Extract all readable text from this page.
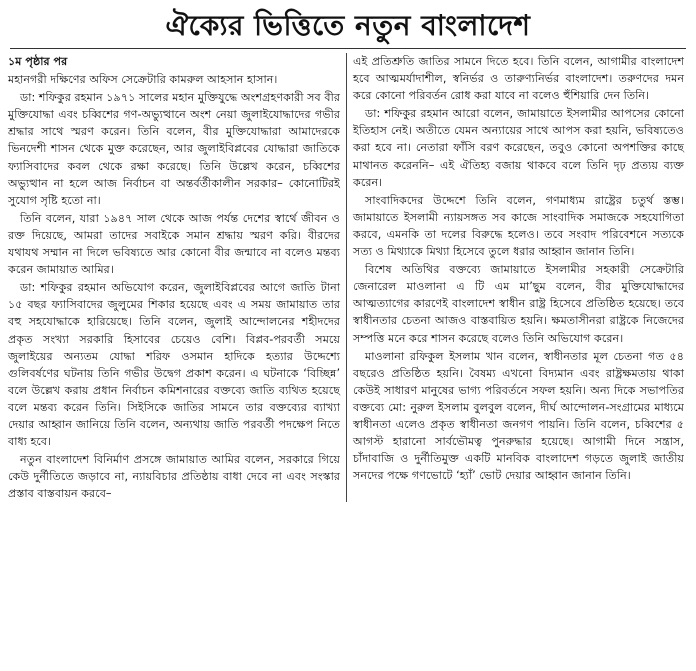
ঐক্যের ভিত্তিতে নতুন বাংলাদেশ

১ম পৃষ্ঠার পর

মহানগরী দক্ষিণের অফিস সেক্রেটারি কামরুল আহসান হাসান।

ডা: শফিকুর রহমান ১৯৭১ সালের মহান মুক্তিযুদ্ধে অংশগ্রহণকারী সব বীর মুক্তিযোদ্ধা এবং চব্বিশের গণ-অভ্যুত্থানে অংশ নেয়া জুলাইযোদ্ধাদের গভীর শ্রদ্ধার সাথে স্মরণ করেন। তিনি বলেন, বীর মুক্তিযোদ্ধারা আমাদেরকে ভিনদেশী শাসন থেকে মুক্ত করেছেন, আর জুলাইবিপ্লবের যোদ্ধারা জাতিকে ফ্যাসিবাদের কবল থেকে রক্ষা করেছে। তিনি উল্লেখ করেন, চব্বিশের অভ্যুত্থান না হলে আজ নির্বাচন বা অন্তর্বর্তীকালীন সরকার– কোনোটিরই সুযোগ সৃষ্টি হতো না।

তিনি বলেন, যারা ১৯৪৭ সাল থেকে আজ পর্যন্ত দেশের স্বার্থে জীবন ও রক্ত দিয়েছে, আমরা তাদের সবাইকে সমান শ্রদ্ধায় স্মরণ করি। বীরদের যথাযথ সম্মান না দিলে ভবিষ্যতে আর কোনো বীর জন্মাবে না বলেও মন্তব্য করেন জামায়াত আমির।

ডা: শফিকুর রহমান অভিযোগ করেন, জুলাইবিপ্লবের আগে জাতি টানা ১৫ বছর ফ্যাসিবাদের জুলুমের শিকার হয়েছে এবং এ সময় জামায়াত তার বহু সহযোদ্ধাকে হারিয়েছে। তিনি বলেন, জুলাই আন্দোলনের শহীদদের প্রকৃত সংখ্যা সরকারি হিসাবের চেয়েও বেশি। বিপ্লব-পরবর্তী সময়ে জুলাইয়ের অন্যতম যোদ্ধা শরিফ ওসমান হাদিকে হত্যার উদ্দেশ্যে গুলিবর্ষণের ঘটনায় তিনি গভীর উদ্বেগ প্রকাশ করেন। এ ঘটনাকে ‘বিচ্ছিন্ন’ বলে উল্লেখ করায় প্রধান নির্বাচন কমিশনারের বক্তব্যে জাতি ব্যথিত হয়েছে বলে মন্তব্য করেন তিনি। সিইসিকে জাতির সামনে তার বক্তব্যের ব্যাখ্যা দেয়ার আহ্বান জানিয়ে তিনি বলেন, অন্যথায় জাতি পরবর্তী পদক্ষেপ নিতে বাধ্য হবে।

নতুন বাংলাদেশ বিনির্মাণ প্রসঙ্গে জামায়াত আমির বলেন, সরকারে গিয়ে কেউ দুর্নীতিতে জড়াবে না, ন্যায়বিচার প্রতিষ্ঠায় বাধা দেবে না এবং সংস্কার প্রস্তাব বাস্তবায়ন করবে–

এই প্রতিশ্রুতি জাতির সামনে দিতে হবে। তিনি বলেন, আগামীর বাংলাদেশ হবে আত্মমর্যাদাশীল, স্বনির্ভর ও তারুণ্যনির্ভর বাংলাদেশ। তরুণদের দমন করে কোনো পরিবর্তন রোধ করা যাবে না বলেও হুঁশিয়ারি দেন তিনি।

ডা: শফিকুর রহমান আরো বলেন, জামায়াতে ইসলামীর আপসের কোনো ইতিহাস নেই। অতীতে যেমন অন্যায়ের সাথে আপস করা হয়নি, ভবিষ্যতেও করা হবে না। নেতারা ফাঁসি বরণ করেছেন, তবুও কোনো অপশক্তির কাছে মাথানত করেননি– এই ঐতিহ্য বজায় থাকবে বলে তিনি দৃঢ় প্রত্যয় ব্যক্ত করেন।

সাংবাদিকদের উদ্দেশে তিনি বলেন, গণমাধ্যম রাষ্ট্রের চতুর্থ স্তম্ভ। জামায়াতে ইসলামী ন্যায়সঙ্গত সব কাজে সাংবাদিক সমাজকে সহযোগিতা করবে, এমনকি তা দলের বিরুদ্ধে হলেও। তবে সংবাদ পরিবেশনে সত্যকে সত্য ও মিথ্যাকে মিথ্যা হিসেবে তুলে ধরার আহ্বান জানান তিনি।

বিশেষ অতিথির বক্তব্যে জামায়াতে ইসলামীর সহকারী সেক্রেটারি জেনারেল মাওলানা এ টি এম মা’ছুম বলেন, বীর মুক্তিযোদ্ধাদের আত্মত্যাগের কারণেই বাংলাদেশ স্বাধীন রাষ্ট্র হিসেবে প্রতিষ্ঠিত হয়েছে। তবে স্বাধীনতার চেতনা আজও বাস্তবায়িত হয়নি। ক্ষমতাসীনরা রাষ্ট্রকে নিজেদের সম্পত্তি মনে করে শাসন করেছে বলেও তিনি অভিযোগ করেন।

মাওলানা রফিকুল ইসলাম খান বলেন, স্বাধীনতার মূল চেতনা গত ৫৪ বছরেও প্রতিষ্ঠিত হয়নি। বৈষম্য এখনো বিদ্যমান এবং রাষ্ট্রক্ষমতায় থাকা কেউই সাধারণ মানুষের ভাগ্য পরিবর্তনে সফল হয়নি। অন্য দিকে সভাপতির বক্তব্যে মো: নুরুল ইসলাম বুলবুল বলেন, দীর্ঘ আন্দোলন-সংগ্রামের মাধ্যমে স্বাধীনতা এলেও প্রকৃত স্বাধীনতা জনগণ পায়নি। তিনি বলেন, চব্বিশের ৫ আগস্ট হারানো সার্বভৌমত্ব পুনরুদ্ধার হয়েছে। আগামী দিনে সন্ত্রাস, চাঁদাবাজি ও দুর্নীতিমুক্ত একটি মানবিক বাংলাদেশ গড়তে জুলাই জাতীয় সনদের পক্ষে গণভোটে ‘হ্যাঁ’ ভোট দেয়ার আহ্বান জানান তিনি।
